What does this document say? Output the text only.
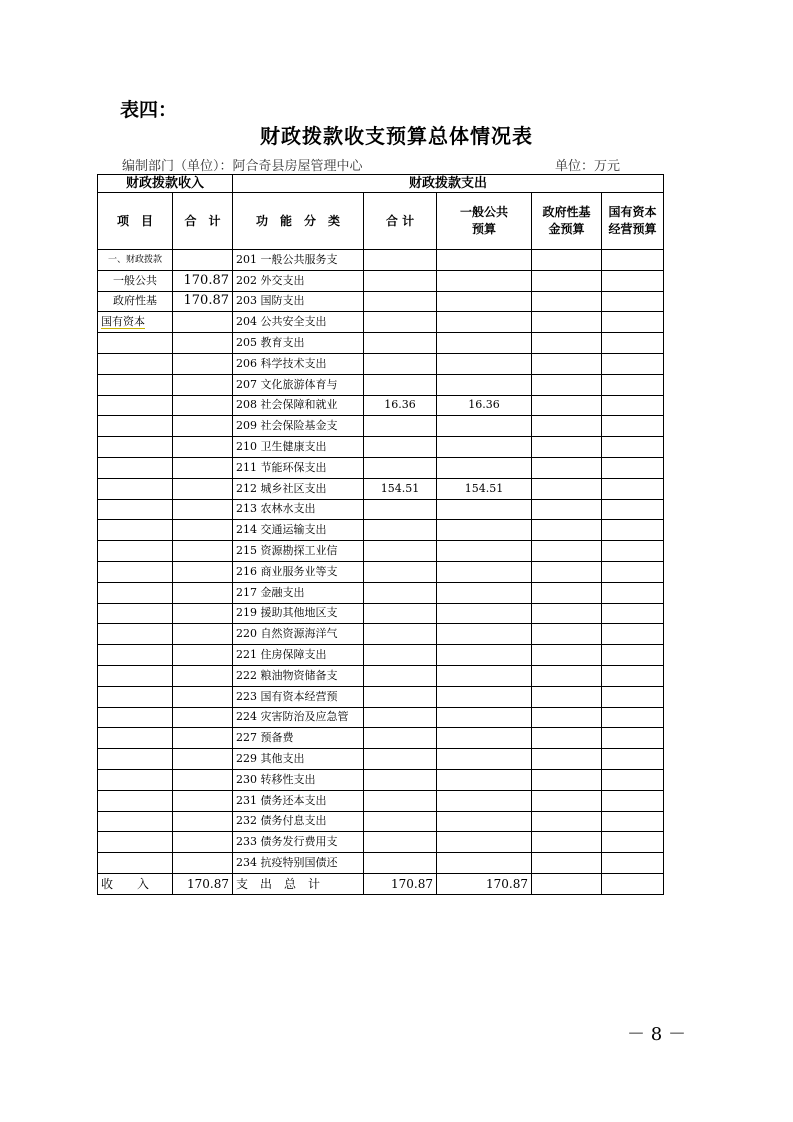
表四：
财政拨款收支预算总体情况表
编制部门（单位）：阿合奇县房屋管理中心	单位：万元
财政拨款收入		财政拨款支出				
项　目	合　计	功　能　分　类	合 计	一般公共预算	政府性基金预算	国有资本经营预算
一、财政拨款		201 一般公共服务支				
一般公共	170.87	202 外交支出				
政府性基	170.87	203 国防支出				
国有资本		204 公共安全支出				
		205 教育支出				
		206 科学技术支出				
		207 文化旅游体育与				
		208 社会保障和就业	16.36	16.36		
		209 社会保险基金支				
		210 卫生健康支出				
		211 节能环保支出				
		212 城乡社区支出	154.51	154.51		
		213 农林水支出				
		214 交通运输支出				
		215 资源勘探工业信				
		216 商业服务业等支				
		217 金融支出				
		219 援助其他地区支				
		220 自然资源海洋气				
		221 住房保障支出				
		222 粮油物资储备支				
		223 国有资本经营预				
		224 灾害防治及应急管				
		227 预备费				
		229 其他支出				
		230 转移性支出				
		231 债务还本支出				
		232 债务付息支出				
		233 债务发行费用支				
		234 抗疫特别国债还				
收　　入	170.87	支　出　总　计	170.87	170.87		
－ 8 －
